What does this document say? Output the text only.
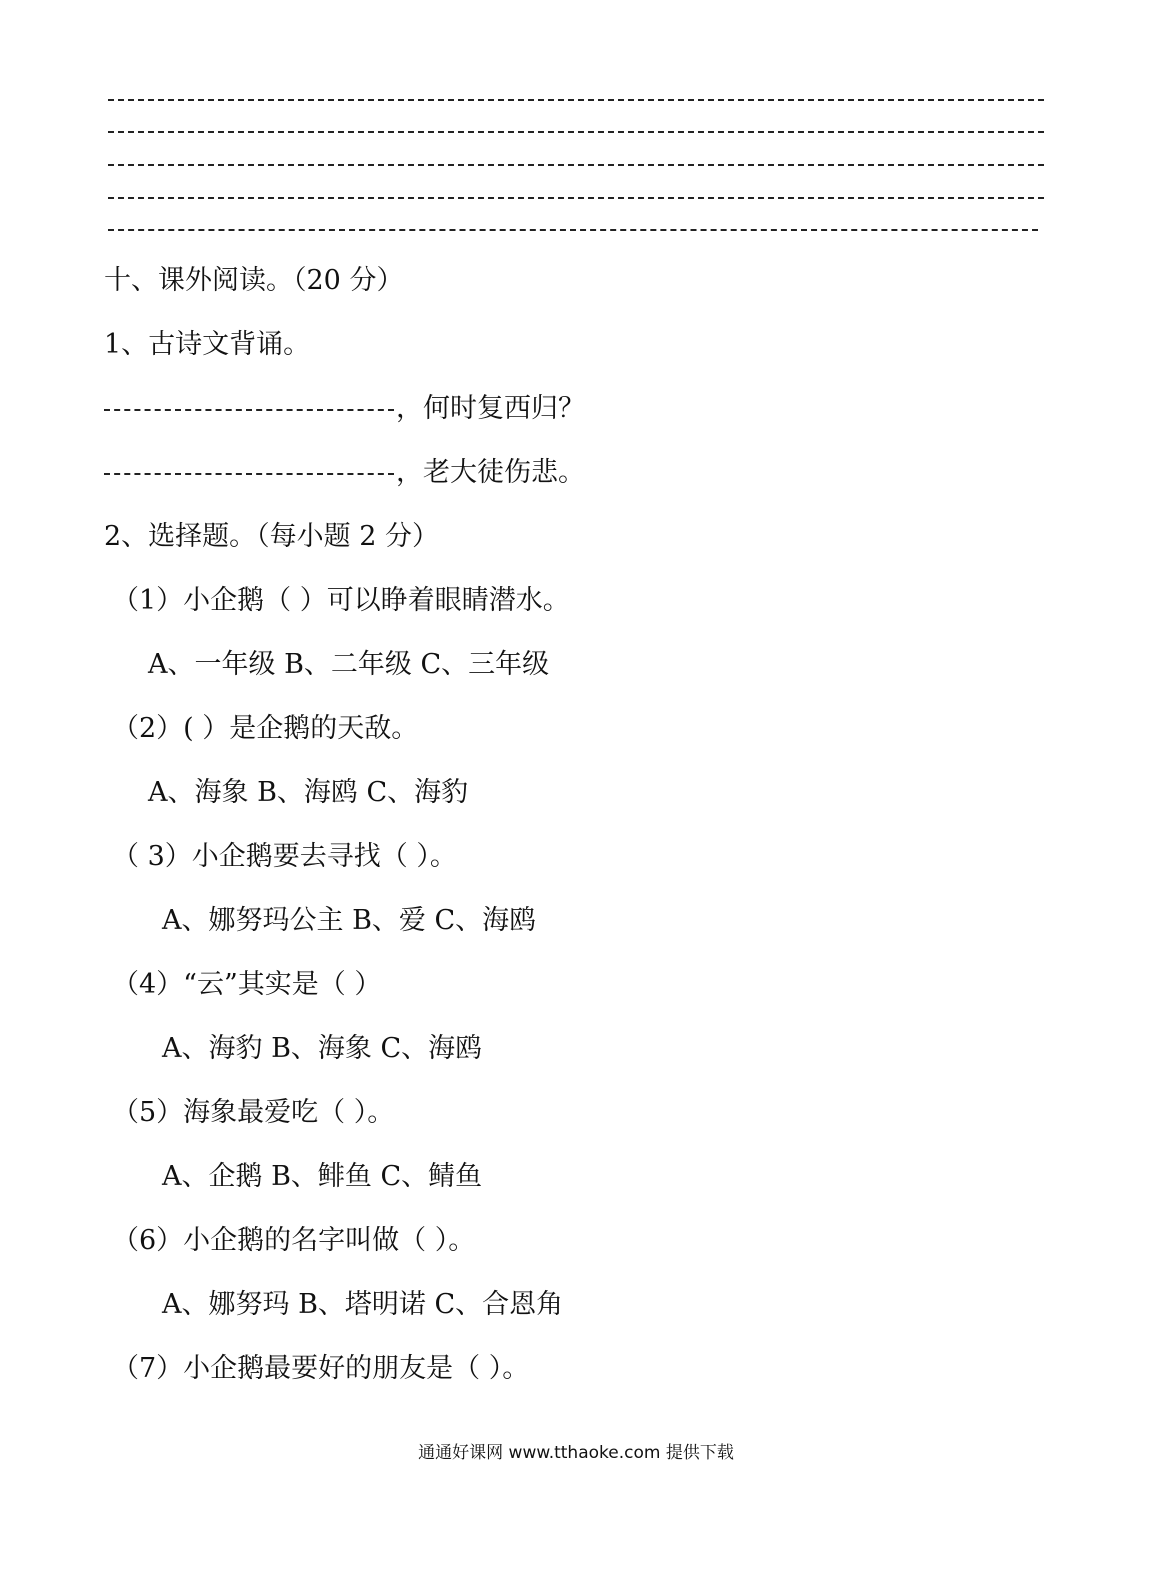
十、课外阅读。（20 分）
1、古诗文背诵。
，何时复西归？
，老大徒伤悲。
2、选择题。（每小题 2 分）
（1）小企鹅（ ）可以睁着眼睛潜水。
A、一年级 B、二年级 C、三年级
（2）( ）是企鹅的天敌。
A、海象 B、海鸥 C、海豹
（ 3）小企鹅要去寻找（ ）。
A、娜努玛公主 B、爱 C、海鸥
（4）“云”其实是（ ）
A、海豹 B、海象 C、海鸥
（5）海象最爱吃（ ）。
A、企鹅 B、鲱鱼 C、鲭鱼
（6）小企鹅的名字叫做（ ）。
A、娜努玛 B、塔明诺 C、合恩角
（7）小企鹅最要好的朋友是（ ）。
通通好课网 www.tthaoke.com 提供下载
